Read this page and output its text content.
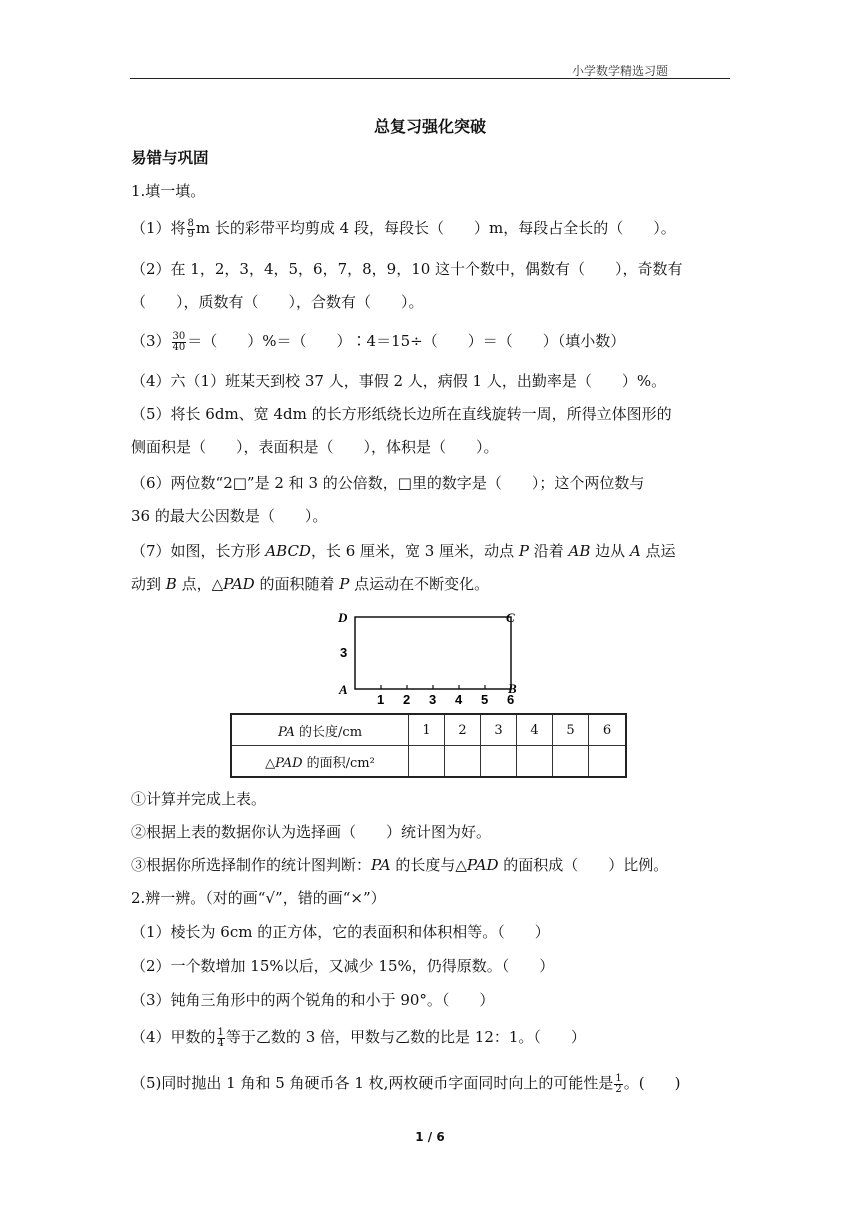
小学数学精选习题
总复习强化突破
易错与巩固
1.填一填。
（1）将 $\frac{8}{9}$ m 长的彩带平均剪成 4 段，每段长（　　）m，每段占全长的（　　）。
（2）在 1，2，3，4，5，6，7，8，9，10 这十个数中，偶数有（　　），奇数有
（　　），质数有（　　），合数有（　　）。
$(3) \frac{30}{40}$ ＝（　　）%＝（　　）∶4＝15÷（　　）＝（　　）（填小数）
（4）六（1）班某天到校 37 人，事假 2 人，病假 1 人，出勤率是（　　）%。
（5）将长 6dm、宽 4dm 的长方形纸绕长边所在直线旋转一周，所得立体图形的
侧面积是（　　），表面积是（　　），体积是（　　）。
（6）两位数“2□”是 2 和 3 的公倍数，□里的数字是（　　）；这个两位数与
36 的最大公因数是（　　）。
（7）如图，长方形 ABCD，长 6 厘米，宽 3 厘米，动点 P 沿着 AB 边从 A 点运
动到 B 点，△PAD 的面积随着 P 点运动在不断变化。
D	C
A	B
3
1 2 3 4 5 6
PA 的长度/cm	1	2	3	4	5	6
△PAD 的面积/cm²						
①计算并完成上表。
②根据上表的数据你认为选择画（　　）统计图为好。
③根据你所选择制作的统计图判断：PA 的长度与△PAD 的面积成（　　）比例。
2.辨一辨。（对的画“√”，错的画“×”）
（1）棱长为 6cm 的正方体，它的表面积和体积相等。（　　）
（2）一个数增加 15%以后，又减少 15%，仍得原数。（　　）
（3）钝角三角形中的两个锐角的和小于 90°。（　　）
（4）甲数的 $\frac{1}{4}$ 等于乙数的 3 倍，甲数与乙数的比是 12：1。（　　）
（5)同时抛出 1 角和 5 角硬币各 1 枚,两枚硬币字面同时向上的可能性是 $\frac{1}{2}$ 。(　　)
1 / 6
